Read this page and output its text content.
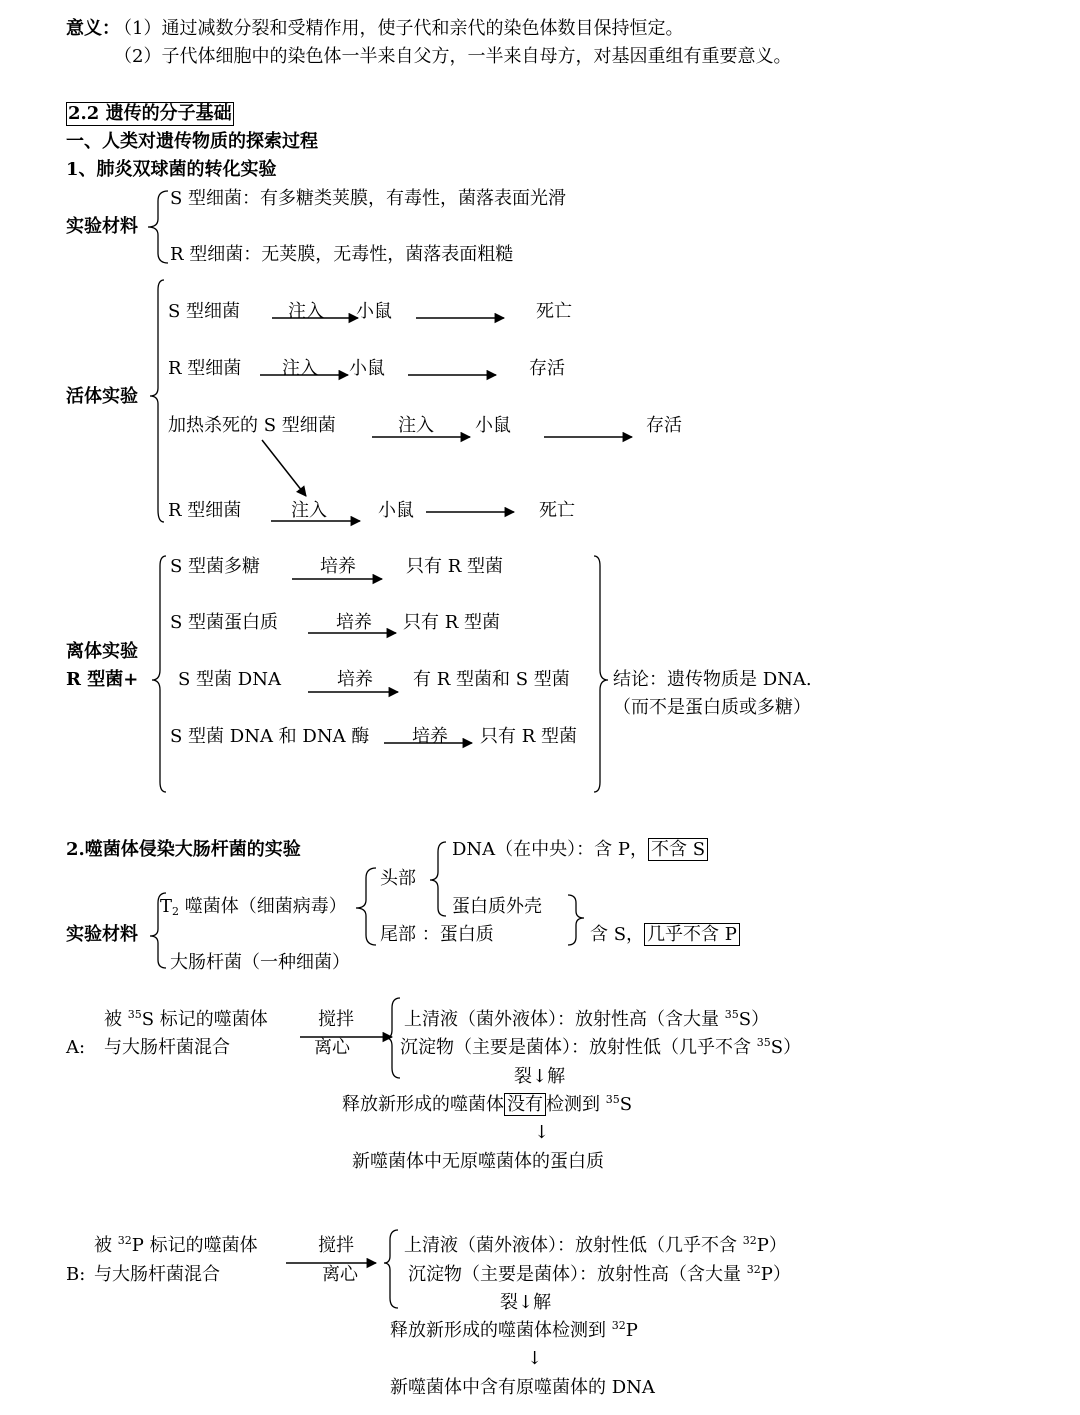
意义：
（1）通过减数分裂和受精作用，使子代和亲代的染色体数目保持恒定。
（2）子代体细胞中的染色体一半来自父方，一半来自母方，对基因重组有重要意义。
2.2 遗传的分子基础
一、人类对遗传物质的探索过程
1、肺炎双球菌的转化实验
实验材料
S 型细菌：有多糖类荚膜，有毒性，菌落表面光滑
R 型细菌：无荚膜，无毒性，菌落表面粗糙
活体实验
S 型细菌	注入 小鼠	死亡
R 型细菌 注入 小鼠	存活
加热杀死的 S 型细菌	注入 小鼠	存活
R 型细菌	注入	小鼠	死亡
离体实验
R 型菌+
S 型菌多糖	培养	只有 R 型菌
S 型菌蛋白质	培养 只有 R 型菌
S 型菌 DNA	培养 有 R 型菌和 S 型菌
S 型菌 DNA 和 DNA 酶 培养 只有 R 型菌
结论：遗传物质是 DNA.
（而不是蛋白质或多糖）
2.噬菌体侵染大肠杆菌的实验
实验材料
$T_2$ 噬菌体（细菌病毒）
大肠杆菌（一种细菌）
头部
尾部 ：蛋白质
DNA（在中央）：含 P， 不含 S
蛋白质外壳
含 S， 几乎不含 P
被 $^{35}$S 标记的噬菌体
A: 与大肠杆菌混合
搅拌
离心
上清液（菌外液体）：放射性高（含大量 $^{35}$S）
沉淀物（主要是菌体）：放射性低（几乎不含 $^{35}$S）
裂↓解
释放新形成的噬菌体 没有 检测到 $^{35}$S
↓
新噬菌体中无原噬菌体的蛋白质
被 $^{32}$P 标记的噬菌体
B: 与大肠杆菌混合
搅拌
离心
上清液（菌外液体）：放射性低（几乎不含 $^{32}$P）
沉淀物（主要是菌体）：放射性高（含大量 $^{32}$P）
裂↓解
释放新形成的噬菌体检测到 $^{32}$P
↓
新噬菌体中含有原噬菌体的 DNA
